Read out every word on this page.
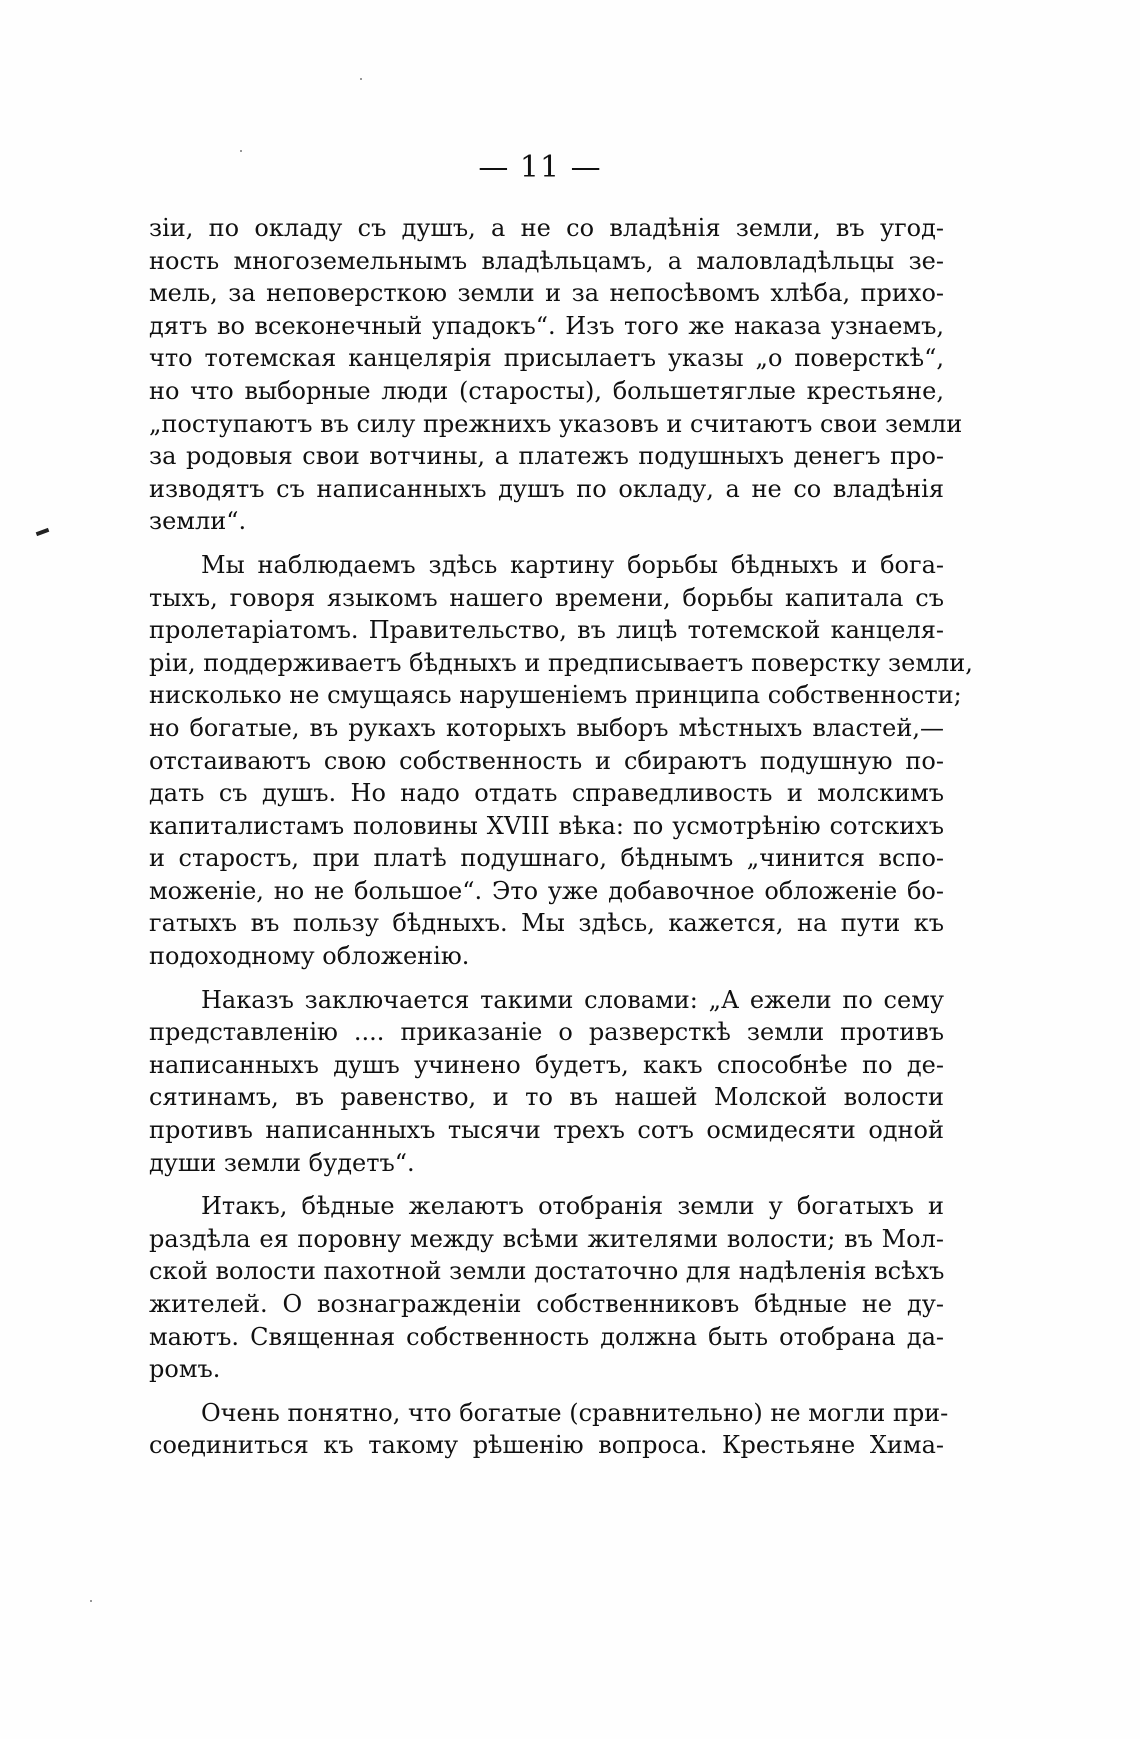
— 11 —
зіи, по окладу съ душъ, а не со владѣнія земли, въ угод-
ность многоземельнымъ владѣльцамъ, а маловладѣльцы зе-
мель, за неповерсткою земли и за непосѣвомъ хлѣба, прихо-
дятъ во всеконечный упадокъ“. Изъ того же наказа узнаемъ,
что тотемская канцелярія присылаетъ указы „о поверсткѣ“,
но что выборные люди (старосты), большетяглые крестьяне,
„поступаютъ въ силу прежнихъ указовъ и считаютъ свои земли
за родовыя свои вотчины, а платежъ подушныхъ денегъ про-
изводятъ съ написанныхъ душъ по окладу, а не со владѣнія
земли“.
Мы наблюдаемъ здѣсь картину борьбы бѣдныхъ и бога-
тыхъ, говоря языкомъ нашего времени, борьбы капитала съ
пролетаріатомъ. Правительство, въ лицѣ тотемской канцеля-
ріи, поддерживаетъ бѣдныхъ и предписываетъ поверстку земли,
нисколько не смущаясь нарушеніемъ принципа собственности;
но богатые, въ рукахъ которыхъ выборъ мѣстныхъ властей,—
отстаиваютъ свою собственность и сбираютъ подушную по-
дать съ душъ. Но надо отдать справедливость и молскимъ
капиталистамъ половины XVIII вѣка: по усмотрѣнію сотскихъ
и старостъ, при платѣ подушнаго, бѣднымъ „чинится вспо-
моженіе, но не большое“. Это уже добавочное обложеніе бо-
гатыхъ въ пользу бѣдныхъ. Мы здѣсь, кажется, на пути къ
подоходному обложенію.
Наказъ заключается такими словами: „А ежели по сему
представленію .... приказаніе о разверсткѣ земли противъ
написанныхъ душъ учинено будетъ, какъ способнѣе по де-
сятинамъ, въ равенство, и то въ нашей Молской волости
противъ написанныхъ тысячи трехъ сотъ осмидесяти одной
души земли будетъ“.
Итакъ, бѣдные желаютъ отобранія земли у богатыхъ и
раздѣла ея поровну между всѣми жителями волости; въ Мол-
ской волости пахотной земли достаточно для надѣленія всѣхъ
жителей. О вознагражденіи собственниковъ бѣдные не ду-
маютъ. Священная собственность должна быть отобрана да-
ромъ.
Очень понятно, что богатые (сравнительно) не могли при-
соединиться къ такому рѣшенію вопроса. Крестьяне Хима-
